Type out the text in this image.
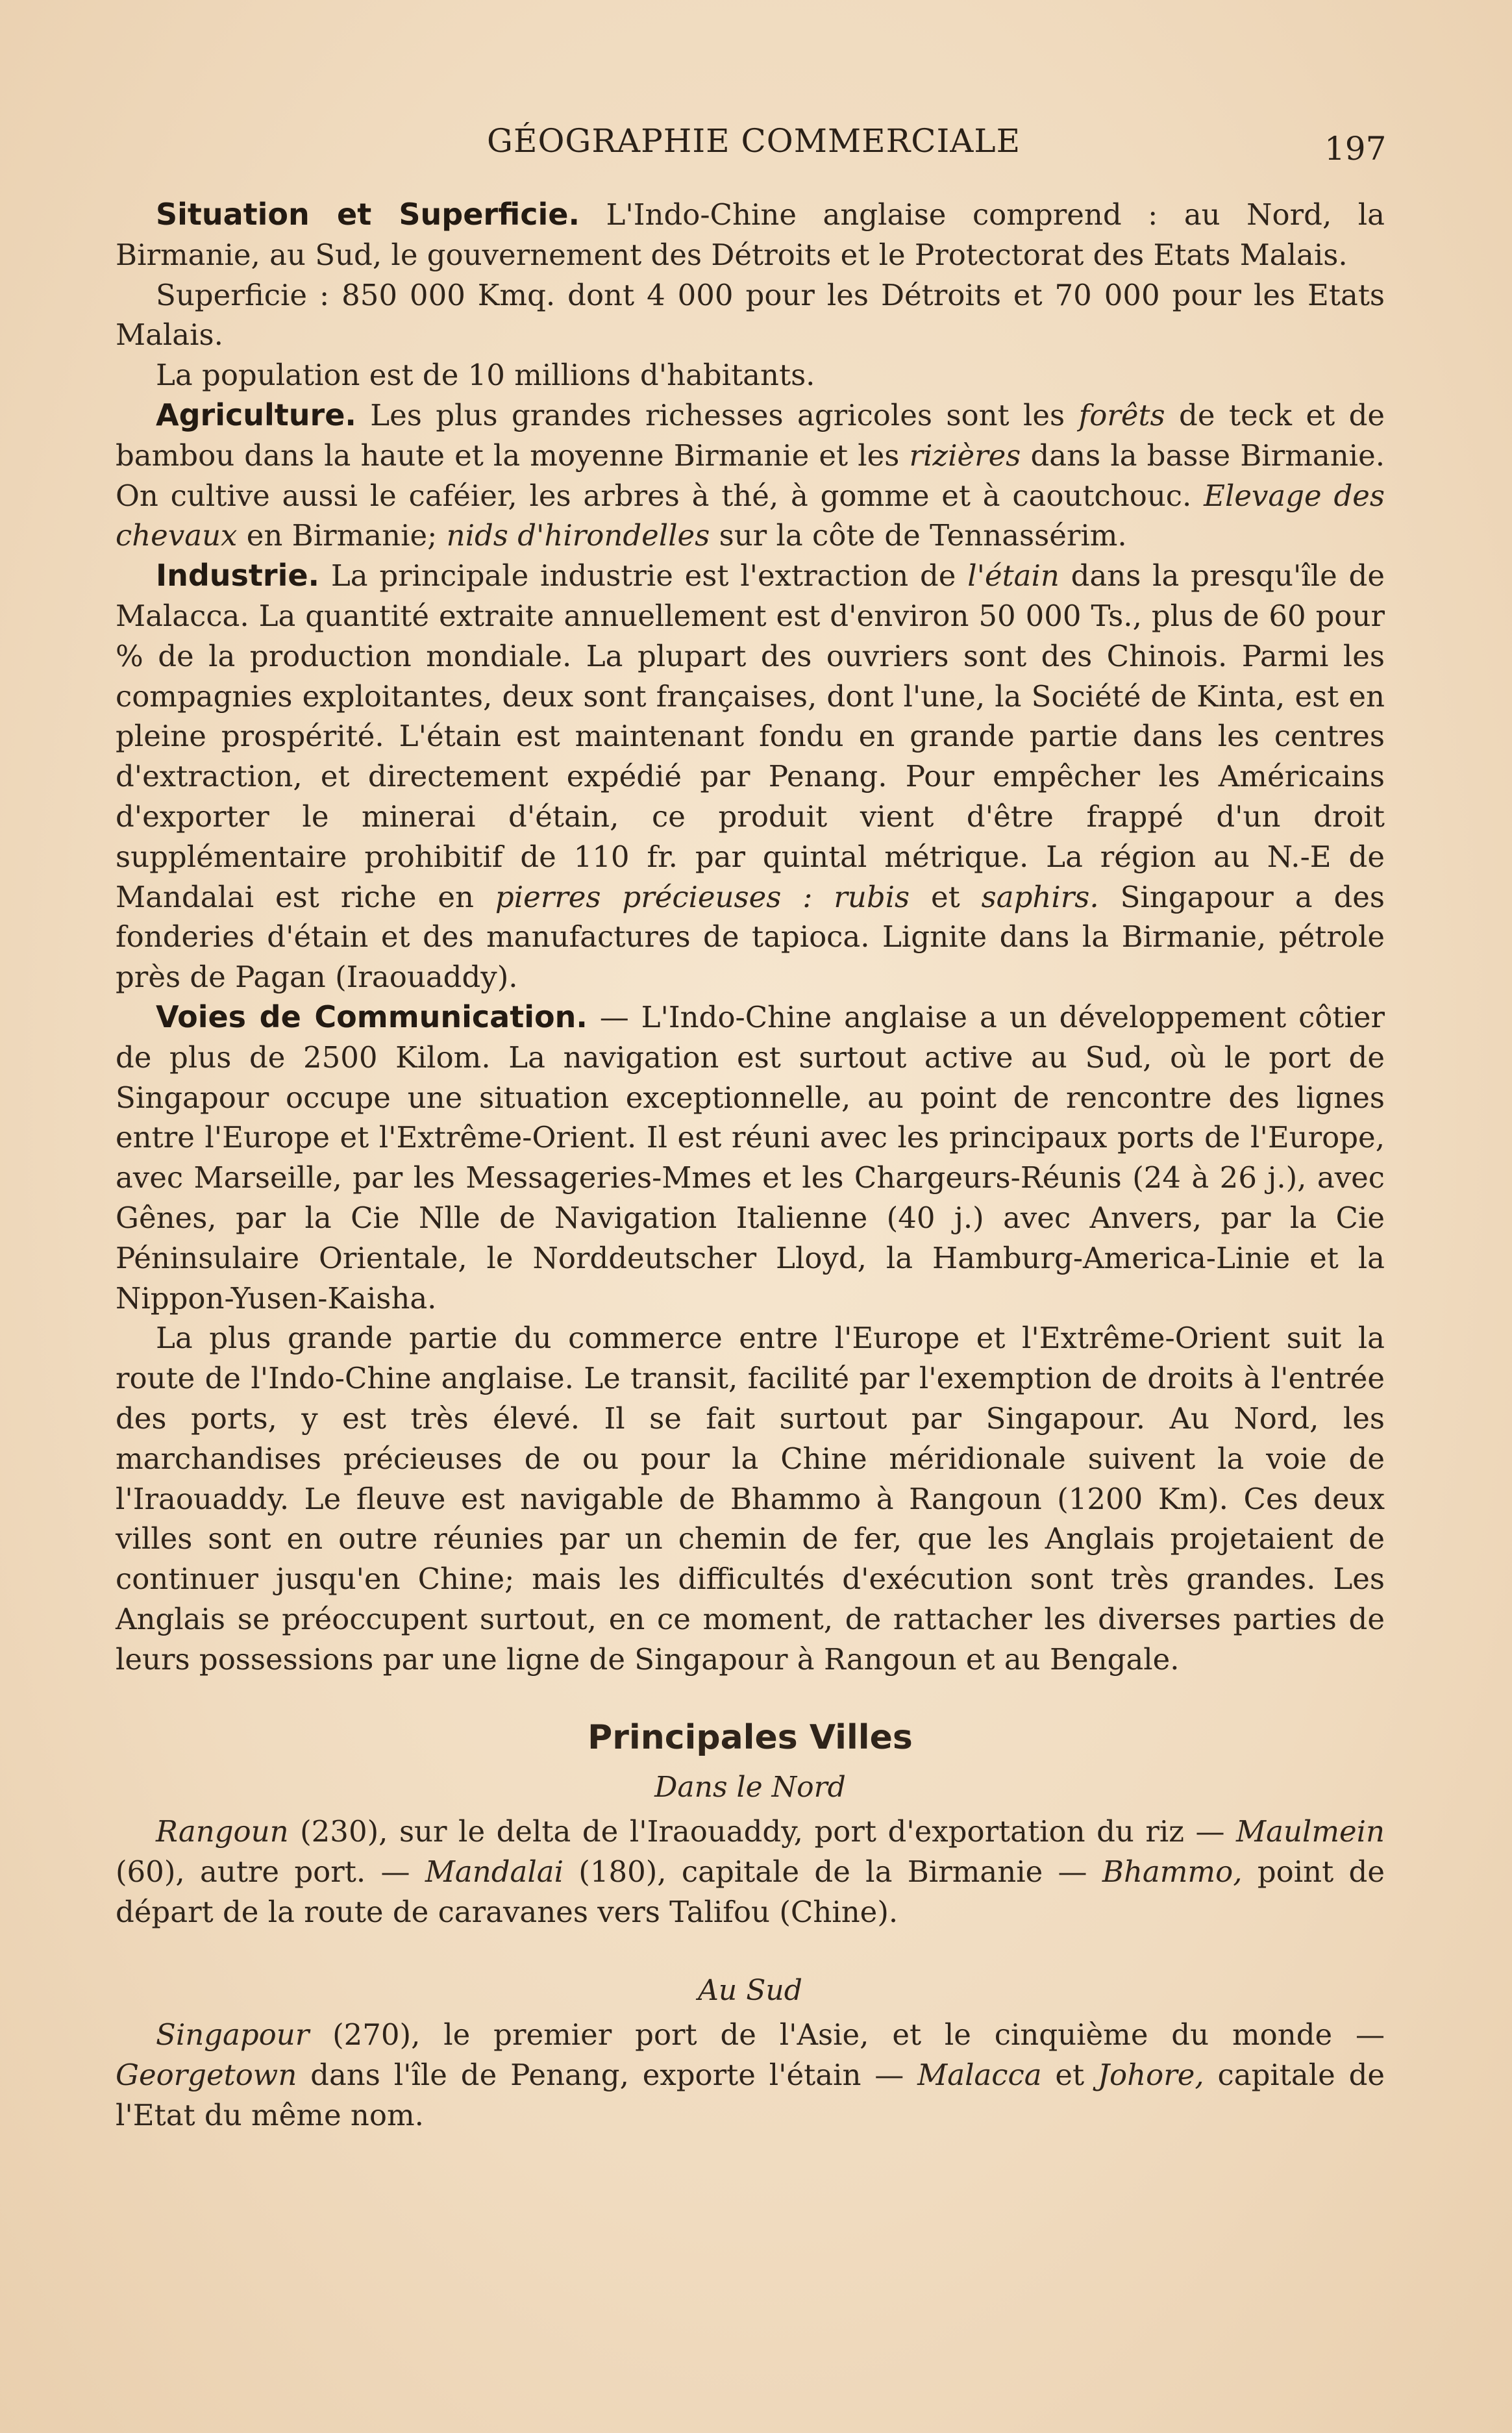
GÉOGRAPHIE COMMERCIALE	197

Situation et Superficie. L'Indo-Chine anglaise comprend : au Nord, la Birmanie, au Sud, le gouvernement des Détroits et le Protectorat des Etats Malais.

Superficie : 850 000 Kmq. dont 4 000 pour les Détroits et 70 000 pour les Etats Malais.

La population est de 10 millions d'habitants.

Agriculture. Les plus grandes richesses agricoles sont les forêts de teck et de bambou dans la haute et la moyenne Birmanie et les rizières dans la basse Birmanie. On cultive aussi le caféier, les arbres à thé, à gomme et à caoutchouc. Elevage des chevaux en Birmanie; nids d'hirondelles sur la côte de Tennassérim.

Industrie. La principale industrie est l'extraction de l'étain dans la presqu'île de Malacca. La quantité extraite annuellement est d'environ 50 000 Ts., plus de 60 pour % de la production mondiale. La plupart des ouvriers sont des Chinois. Parmi les compagnies exploitantes, deux sont françaises, dont l'une, la Société de Kinta, est en pleine prospérité. L'étain est maintenant fondu en grande partie dans les centres d'extraction, et directement expédié par Penang. Pour empêcher les Américains d'exporter le minerai d'étain, ce produit vient d'être frappé d'un droit supplémentaire prohibitif de 110 fr. par quintal métrique. La région au N.-E de Mandalai est riche en pierres précieuses : rubis et saphirs. Singapour a des fonderies d'étain et des manufactures de tapioca. Lignite dans la Birmanie, pétrole près de Pagan (Iraouaddy).

Voies de Communication. — L'Indo-Chine anglaise a un développement côtier de plus de 2500 Kilom. La navigation est surtout active au Sud, où le port de Singapour occupe une situation exceptionnelle, au point de rencontre des lignes entre l'Europe et l'Extrême-Orient. Il est réuni avec les principaux ports de l'Europe, avec Marseille, par les Messageries-Mmes et les Chargeurs-Réunis (24 à 26 j.), avec Gênes, par la Cie Nlle de Navigation Italienne (40 j.) avec Anvers, par la Cie Péninsulaire Orientale, le Norddeutscher Lloyd, la Hamburg-America-Linie et la Nippon-Yusen-Kaisha.

La plus grande partie du commerce entre l'Europe et l'Extrême-Orient suit la route de l'Indo-Chine anglaise. Le transit, facilité par l'exemption de droits à l'entrée des ports, y est très élevé. Il se fait surtout par Singapour. Au Nord, les marchandises précieuses de ou pour la Chine méridionale suivent la voie de l'Iraouaddy. Le fleuve est navigable de Bhammo à Rangoun (1200 Km). Ces deux villes sont en outre réunies par un chemin de fer, que les Anglais projetaient de continuer jusqu'en Chine; mais les difficultés d'exécution sont très grandes. Les Anglais se préoccupent surtout, en ce moment, de rattacher les diverses parties de leurs possessions par une ligne de Singapour à Rangoun et au Bengale.

Principales Villes
Dans le Nord

Rangoun (230), sur le delta de l'Iraouaddy, port d'exportation du riz — Maulmein (60), autre port. — Mandalai (180), capitale de la Birmanie — Bhammo, point de départ de la route de caravanes vers Talifou (Chine).

Au Sud

Singapour (270), le premier port de l'Asie, et le cinquième du monde — Georgetown dans l'île de Penang, exporte l'étain — Malacca et Johore, capitale de l'Etat du même nom.
